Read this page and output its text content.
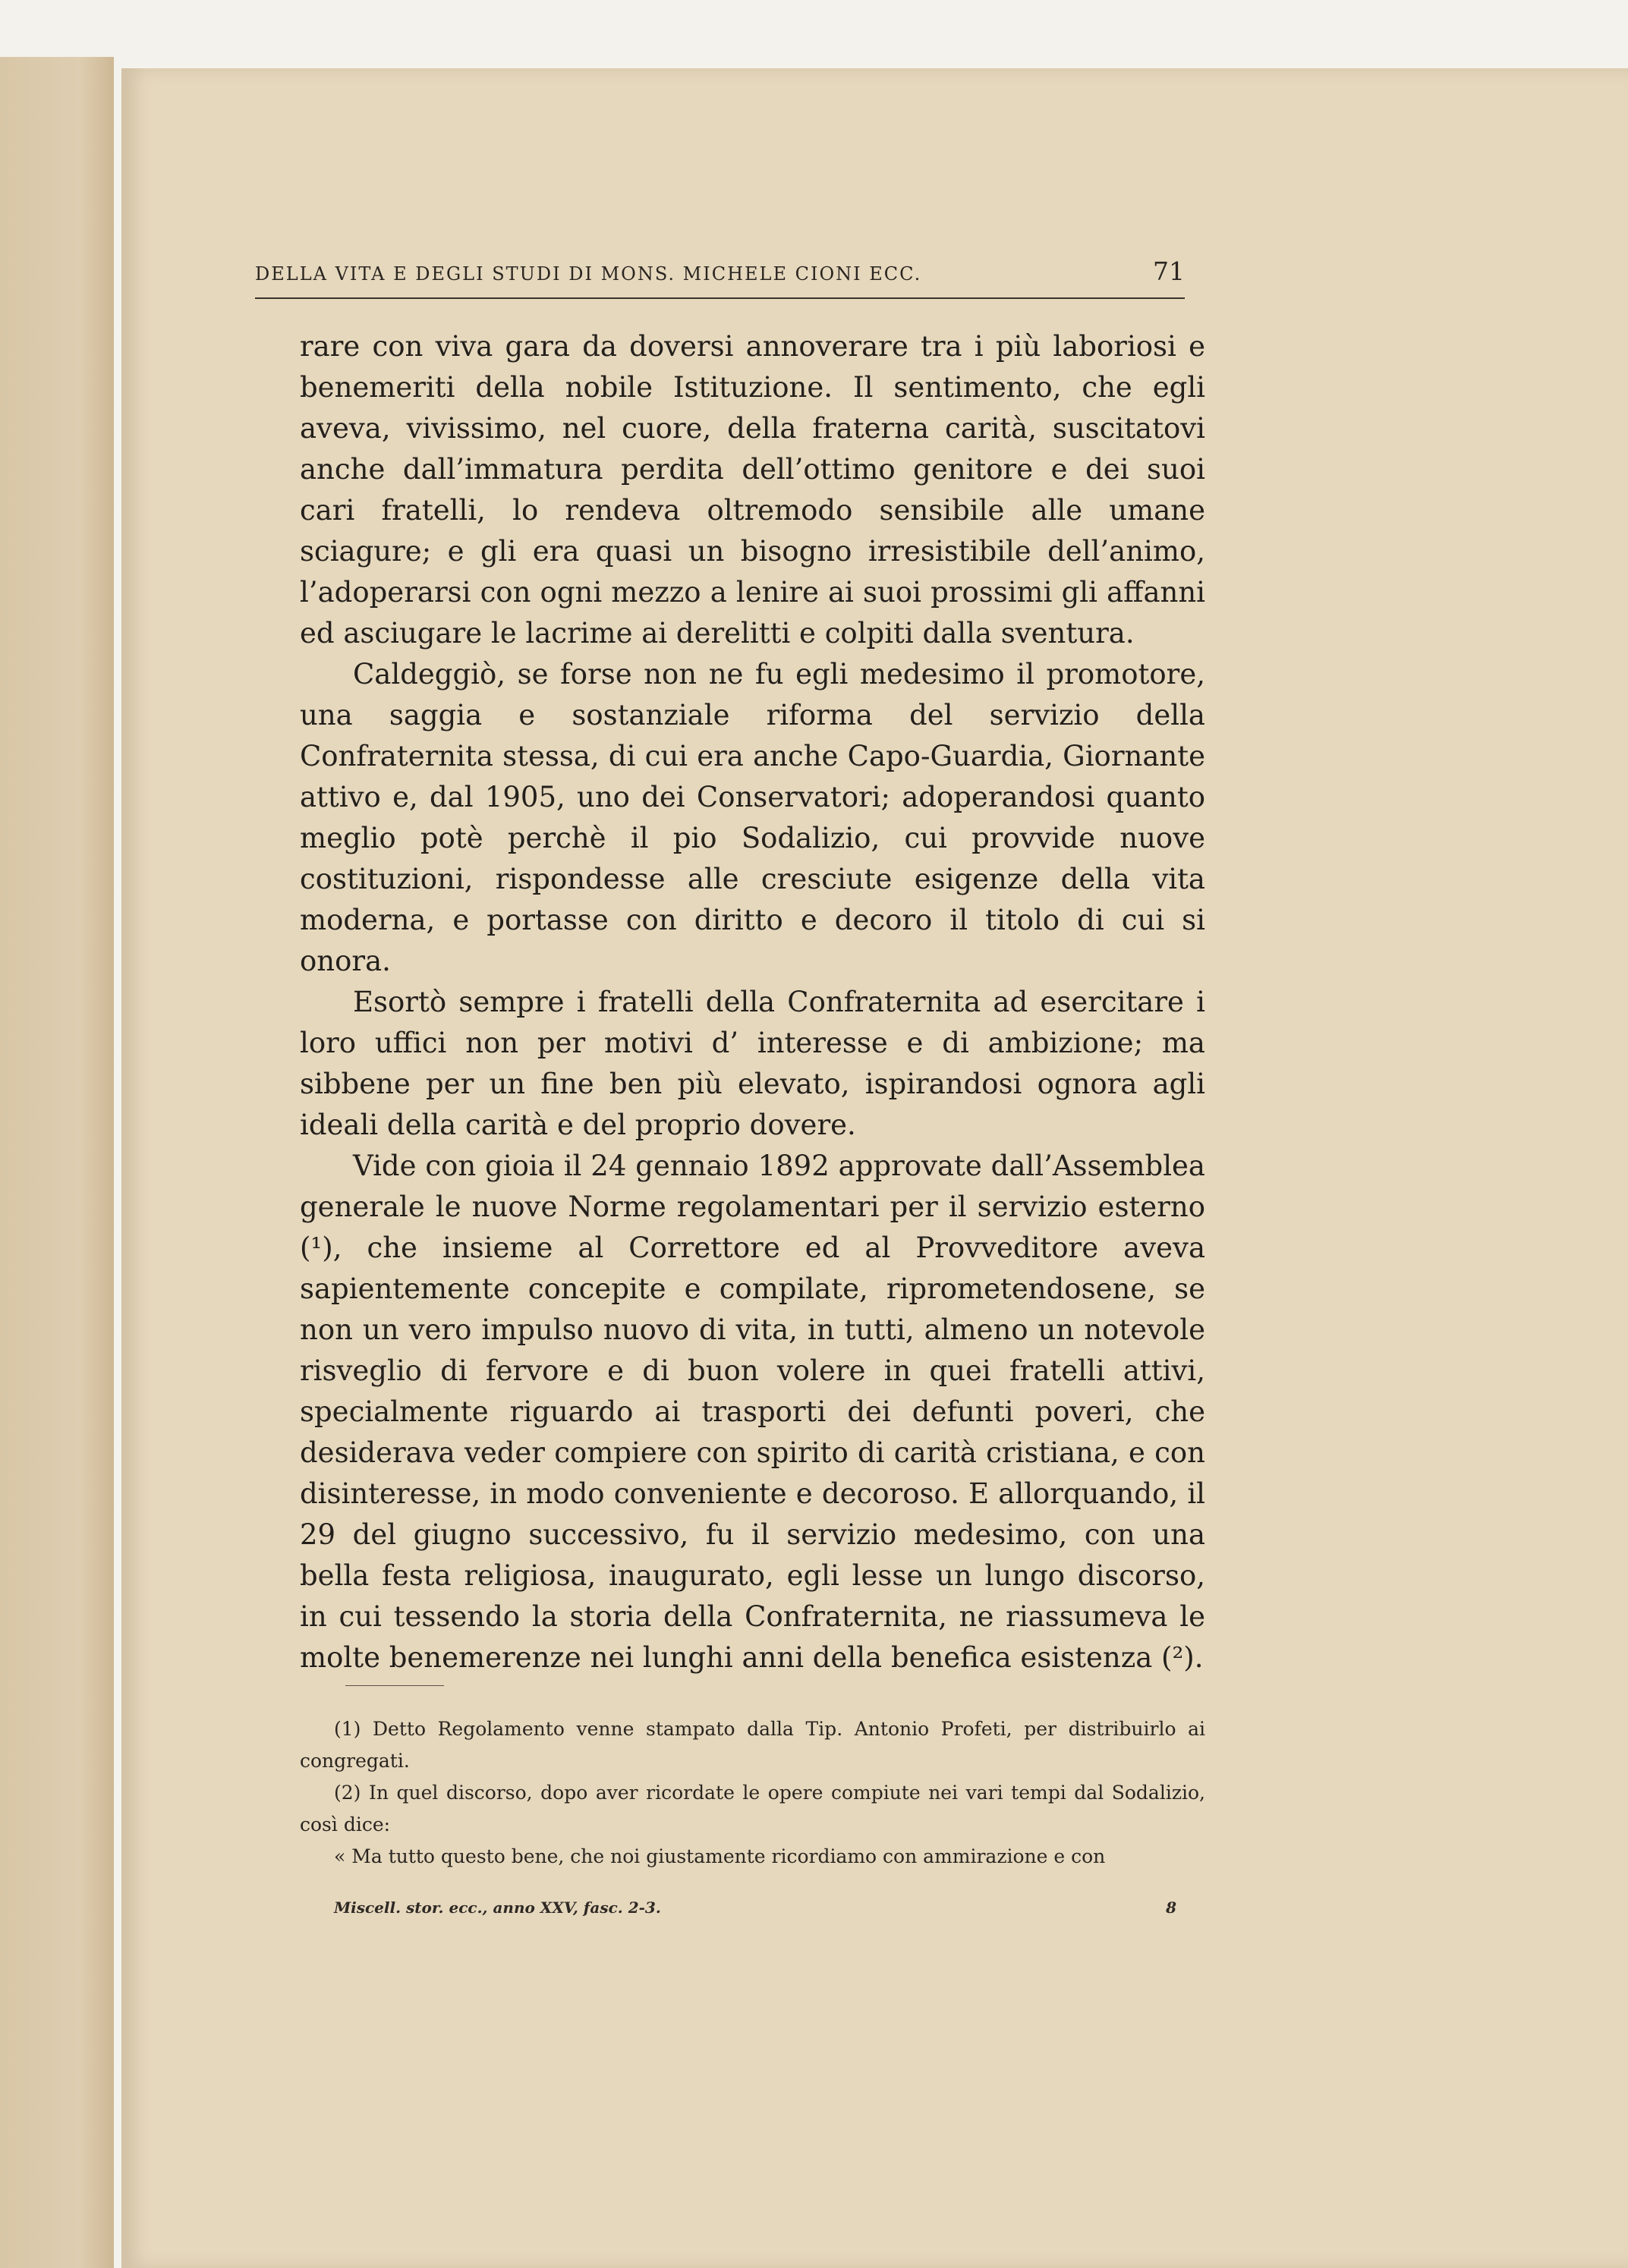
DELLA VITA E DEGLI STUDI DI MONS. MICHELE CIONI ECC.	71

rare con viva gara da doversi annoverare tra i più laboriosi e benemeriti della nobile Istituzione. Il sentimento, che egli aveva, vivissimo, nel cuore, della fraterna carità, suscitatovi anche dall’immatura perdita dell’ottimo genitore e dei suoi cari fratelli, lo rendeva oltremodo sensibile alle umane sciagure; e gli era quasi un bisogno irresistibile dell’animo, l’adoperarsi con ogni mezzo a lenire ai suoi prossimi gli affanni ed asciugare le lacrime ai derelitti e colpiti dalla sventura.

Caldeggiò, se forse non ne fu egli medesimo il promotore, una saggia e sostanziale riforma del servizio della Confraternita stessa, di cui era anche Capo-Guardia, Giornante attivo e, dal 1905, uno dei Conservatori; adoperandosi quanto meglio potè perchè il pio Sodalizio, cui provvide nuove costituzioni, rispondesse alle cresciute esigenze della vita moderna, e portasse con diritto e decoro il titolo di cui si onora.

Esortò sempre i fratelli della Confraternita ad esercitare i loro uffici non per motivi d’ interesse e di ambizione; ma sibbene per un fine ben più elevato, ispirandosi ognora agli ideali della carità e del proprio dovere.

Vide con gioia il 24 gennaio 1892 approvate dall’Assemblea generale le nuove Norme regolamentari per il servizio esterno (¹), che insieme al Correttore ed al Provveditore aveva sapientemente concepite e compilate, riprometendosene, se non un vero impulso nuovo di vita, in tutti, almeno un notevole risveglio di fervore e di buon volere in quei fratelli attivi, specialmente riguardo ai trasporti dei defunti poveri, che desiderava veder compiere con spirito di carità cristiana, e con disinteresse, in modo conveniente e decoroso. E allorquando, il 29 del giugno successivo, fu il servizio medesimo, con una bella festa religiosa, inaugurato, egli lesse un lungo discorso, in cui tessendo la storia della Confraternita, ne riassumeva le molte benemerenze nei lunghi anni della benefica esistenza (²).

(1) Detto Regolamento venne stampato dalla Tip. Antonio Profeti, per distribuirlo ai congregati.

(2) In quel discorso, dopo aver ricordate le opere compiute nei vari tempi dal Sodalizio, così dice:

« Ma tutto questo bene, che noi giustamente ricordiamo con ammirazione e con

Miscell. stor. ecc., anno XXV, fasc. 2-3.	8
